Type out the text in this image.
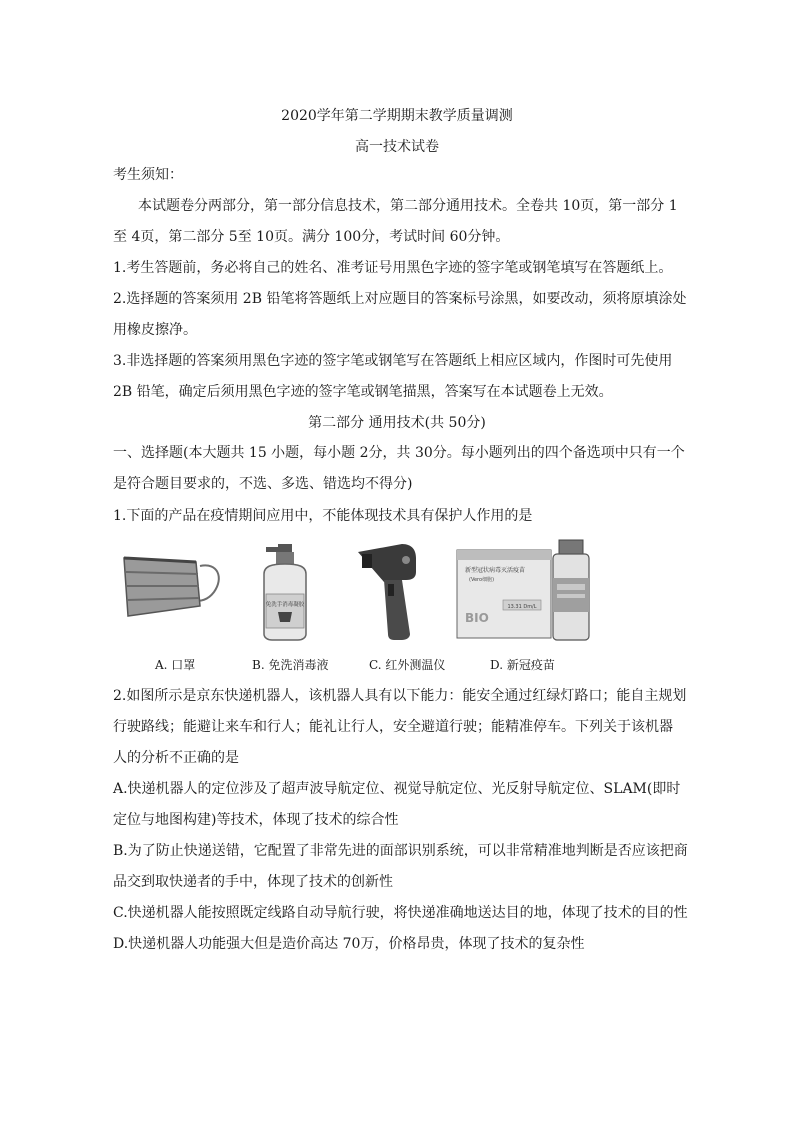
2020学年第二学期期末教学质量调测
高一技术试卷
考生须知：
本试题卷分两部分，第一部分信息技术，第二部分通用技术。全卷共 10页，第一部分 1
至 4页，第二部分 5至 10页。满分 100分，考试时间 60分钟。
1.考生答题前，务必将自己的姓名、准考证号用黑色字迹的签字笔或钢笔填写在答题纸上。
2.选择题的答案须用 2B 铅笔将答题纸上对应题目的答案标号涂黑，如要改动，须将原填涂处
用橡皮擦净。
3.非选择题的答案须用黑色字迹的签字笔或钢笔写在答题纸上相应区域内，作图时可先使用
2B 铅笔，确定后须用黑色字迹的签字笔或钢笔描黑，答案写在本试题卷上无效。
第二部分 通用技术(共 50分)
一、选择题(本大题共 15 小题，每小题 2分，共 30分。每小题列出的四个备选项中只有一个
是符合题目要求的，不选、多选、错选均不得分)
1.下面的产品在疫情期间应用中，不能体现技术具有保护人作用的是
免洗手消毒凝胶
新型冠状病毒灭活疫苗
(Vero细胞)
13.31 Dm/L
BIO
A. 口罩	B. 免洗消毒液	C. 红外测温仪	D. 新冠疫苗
2.如图所示是京东快递机器人，该机器人具有以下能力：能安全通过红绿灯路口；能自主规划
行驶路线；能避让来车和行人；能礼让行人，安全避道行驶；能精准停车。下列关于该机器
人的分析不正确的是
A.快递机器人的定位涉及了超声波导航定位、视觉导航定位、光反射导航定位、SLAM(即时
定位与地图构建)等技术，体现了技术的综合性
B.为了防止快递送错，它配置了非常先进的面部识别系统，可以非常精准地判断是否应该把商
品交到取快递者的手中，体现了技术的创新性
C.快递机器人能按照既定线路自动导航行驶，将快递准确地送达目的地，体现了技术的目的性
D.快递机器人功能强大但是造价高达 70万，价格昂贵，体现了技术的复杂性
